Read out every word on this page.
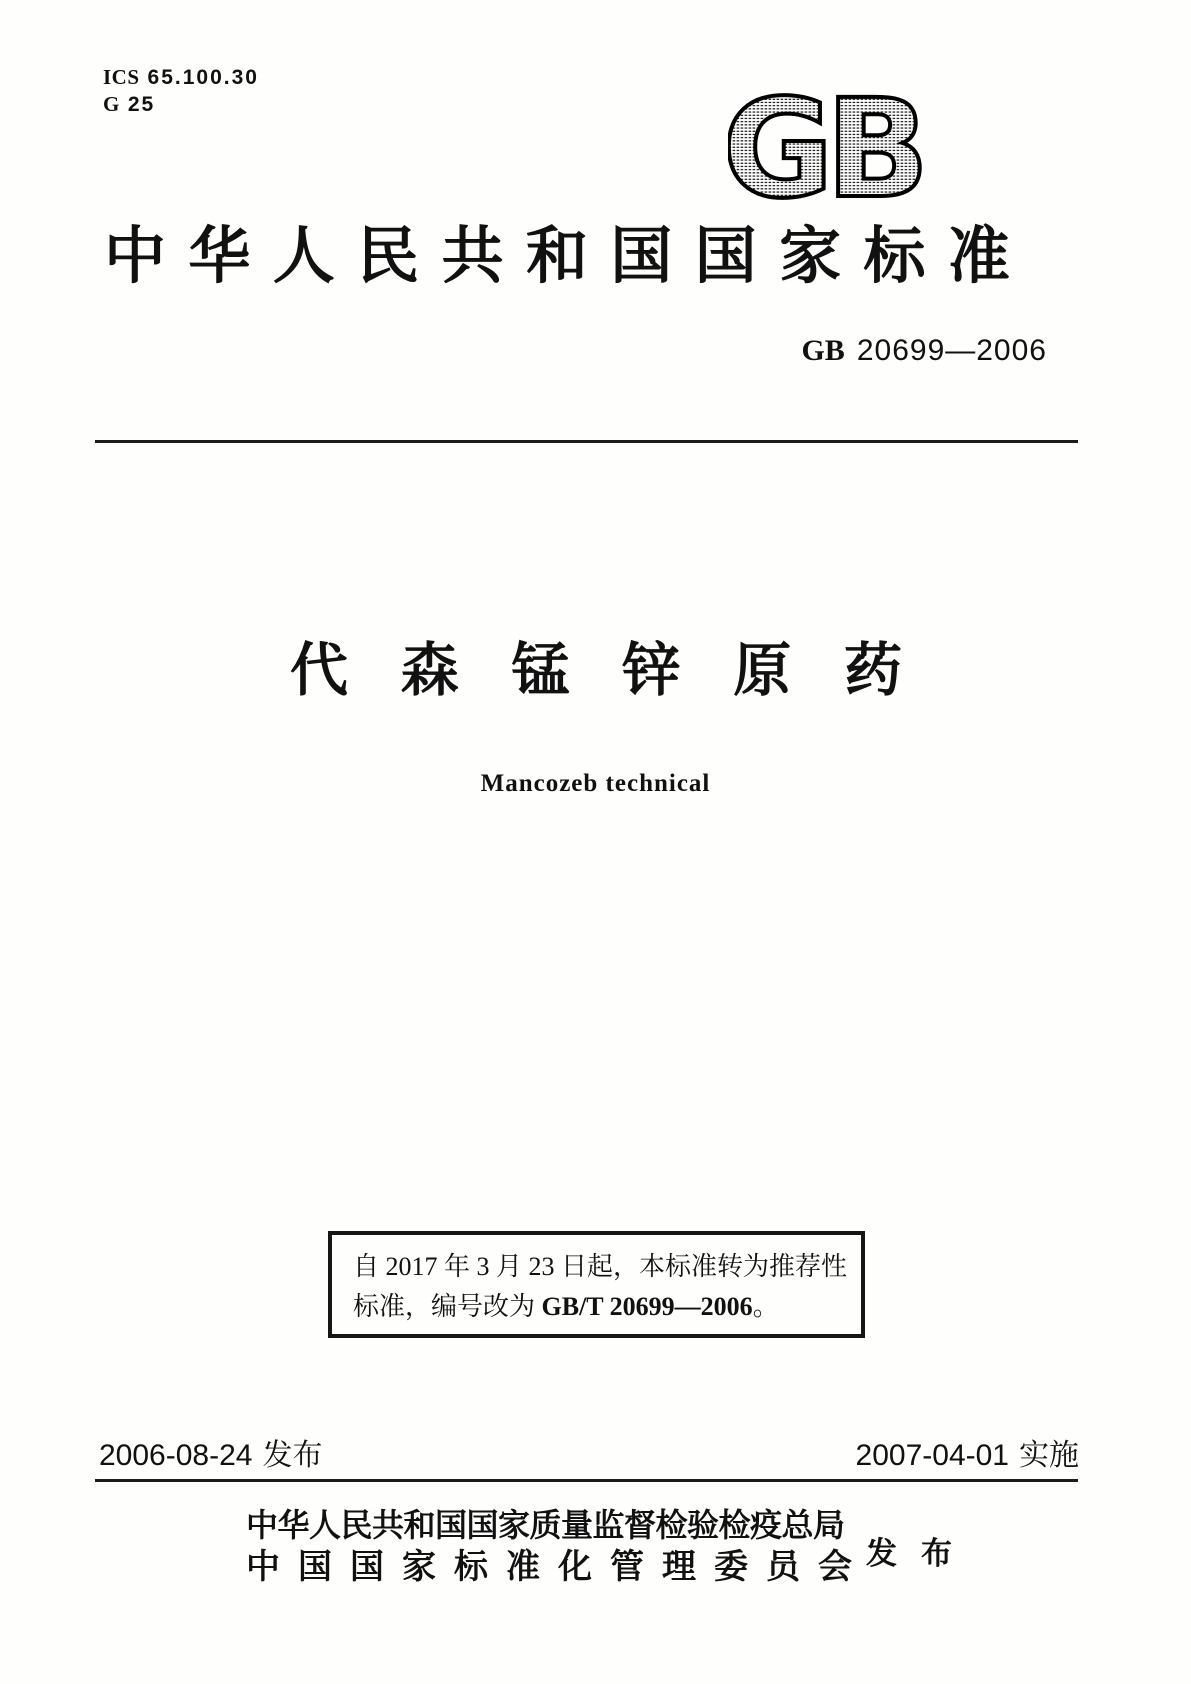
ICS 65.100.30
G 25	GB
中 华 人 民 共 和 国 国 家 标 准
GB 20699—2006
代 森 锰 锌 原 药
Mancozeb technical
自 2017 年 3 月 23 日起，本标准转为推荐性
标准，编号改为 GB/T 20699—2006。
2006-08-24 发布	2007-04-01 实施
中华人民共和国国家质量监督检验检疫总局
中 国 国 家 标 准 化 管 理 委 员 会 发 布
